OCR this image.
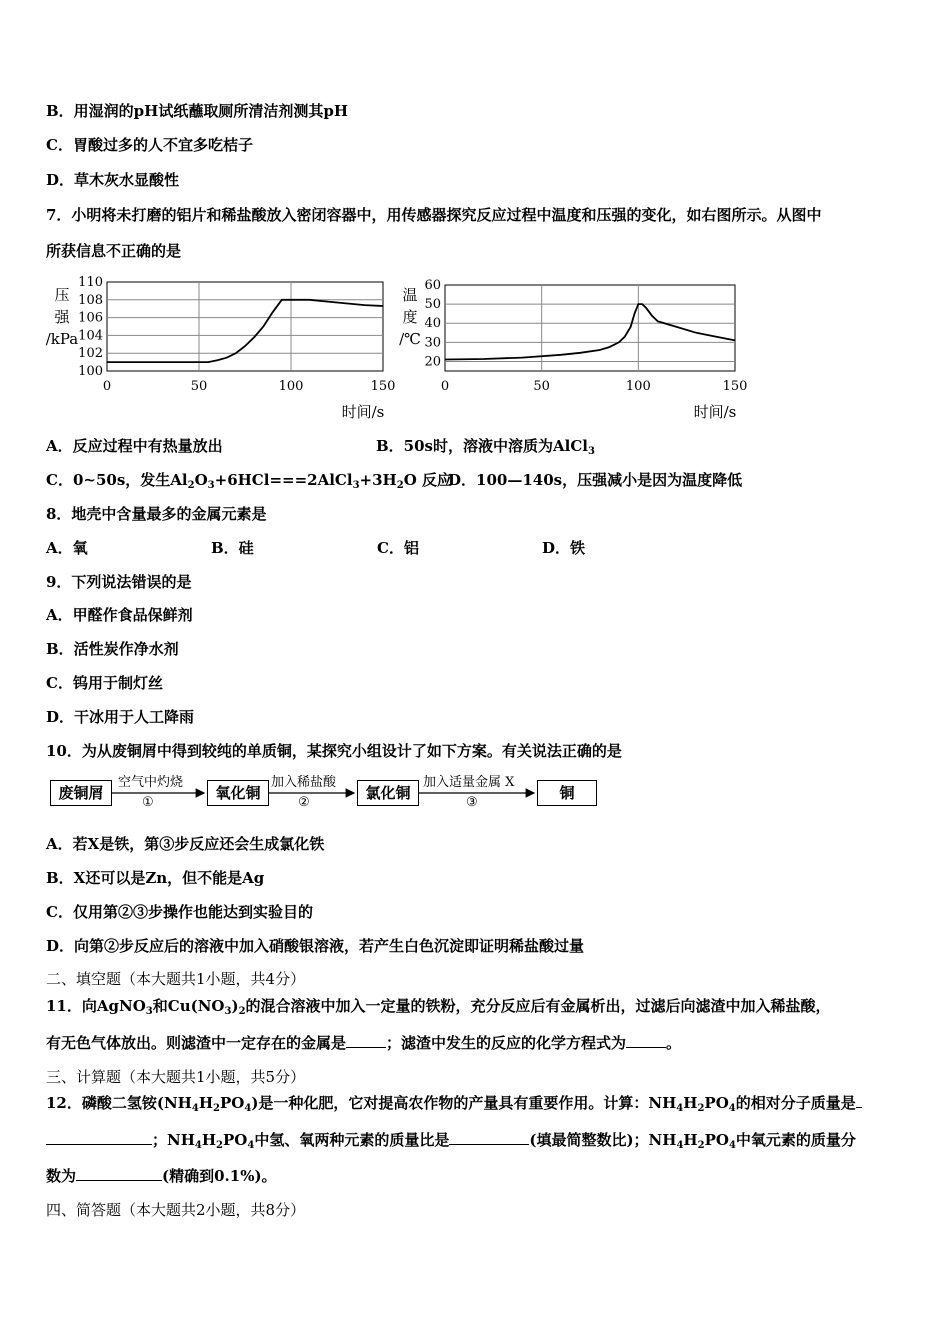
B．用湿润的pH试纸蘸取厕所清洁剂测其pH
C．胃酸过多的人不宜多吃桔子
D．草木灰水显酸性
7．小明将未打磨的铝片和稀盐酸放入密闭容器中，用传感器探究反应过程中温度和压强的变化，如右图所示。从图中
所获信息不正确的是
0	50	100	150
100
102
104
106
108
110
压
强
/kPa
时间/s
0	50	100	150
20
30
40
50
60
温
度
/℃
时间/s
A．反应过程中有热量放出	B．50s时，溶液中溶质为AlCl$_3$
C．0~50s，发生$Al_2O_3+6HCl===2AlCl_3+3H_2O$ 反应
D．100—140s，压强减小是因为温度降低
8．地壳中含量最多的金属元素是
A．氧	B．硅	C．铝	D．铁
9．下列说法错误的是
A．甲醛作食品保鲜剂
B．活性炭作净水剂
C．钨用于制灯丝
D．干冰用于人工降雨
10．为从废铜屑中得到较纯的单质铜，某探究小组设计了如下方案。有关说法正确的是
废铜屑
空气中灼烧
①
氧化铜
加入稀盐酸
②
氯化铜
加入适量金属 X
③
铜
A．若X是铁，第③步反应还会生成氯化铁
B．X还可以是Zn，但不能是Ag
C．仅用第②③步操作也能达到实验目的
D．向第②步反应后的溶液中加入硝酸银溶液，若产生白色沉淀即证明稀盐酸过量
二、填空题（本大题共1小题，共4分）
11．向AgNO$_3$和$Cu(NO_3)_2$的混合溶液中加入一定量的铁粉，充分反应后有金属析出，过滤后向滤渣中加入稀盐酸，
有无色气体放出。则滤渣中一定存在的金属是	；滤渣中发生的反应的化学方程式为	。
三、计算题（本大题共1小题，共5分）
12．磷酸二氢铵$(NH_4H_2PO_4)$是一种化肥，它对提高农作物的产量具有重要作用。计算：$NH_4H_2PO_4$的相对分子质量是
；$NH_4H_2PO_4$中氢、氧两种元素的质量比是	(填最简整数比)；$NH_4H_2PO_4$中氧元素的质量分
数为	(精确到0.1%)。
四、简答题（本大题共2小题，共8分）
